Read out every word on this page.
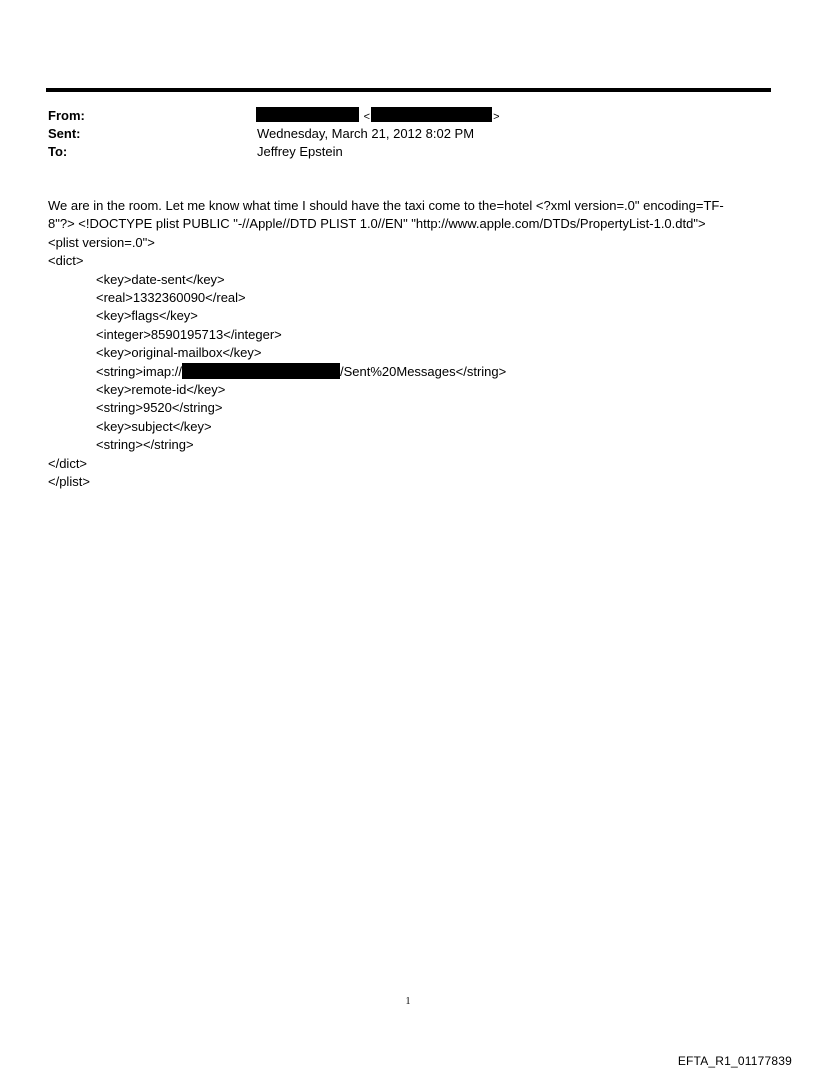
From:	<	>
Sent:	Wednesday, March 21, 2012 8:02 PM
To:	Jeffrey Epstein
We are in the room. Let me know what time I should have the taxi come to the=hotel <?xml version=.0" encoding=TF-
8"?> <!DOCTYPE plist PUBLIC "-//Apple//DTD PLIST 1.0//EN" "http://www.apple.com/DTDs/PropertyList-1.0.dtd">
<plist version=.0">
<dict>
<key>date-sent</key>
<real>1332360090</real>
<key>flags</key>
<integer>8590195713</integer>
<key>original-mailbox</key>
<string>imap://	/Sent%20Messages</string>
<key>remote-id</key>
<string>9520</string>
<key>subject</key>
<string></string>
</dict>
</plist>
1
EFTA_R1_01177839
